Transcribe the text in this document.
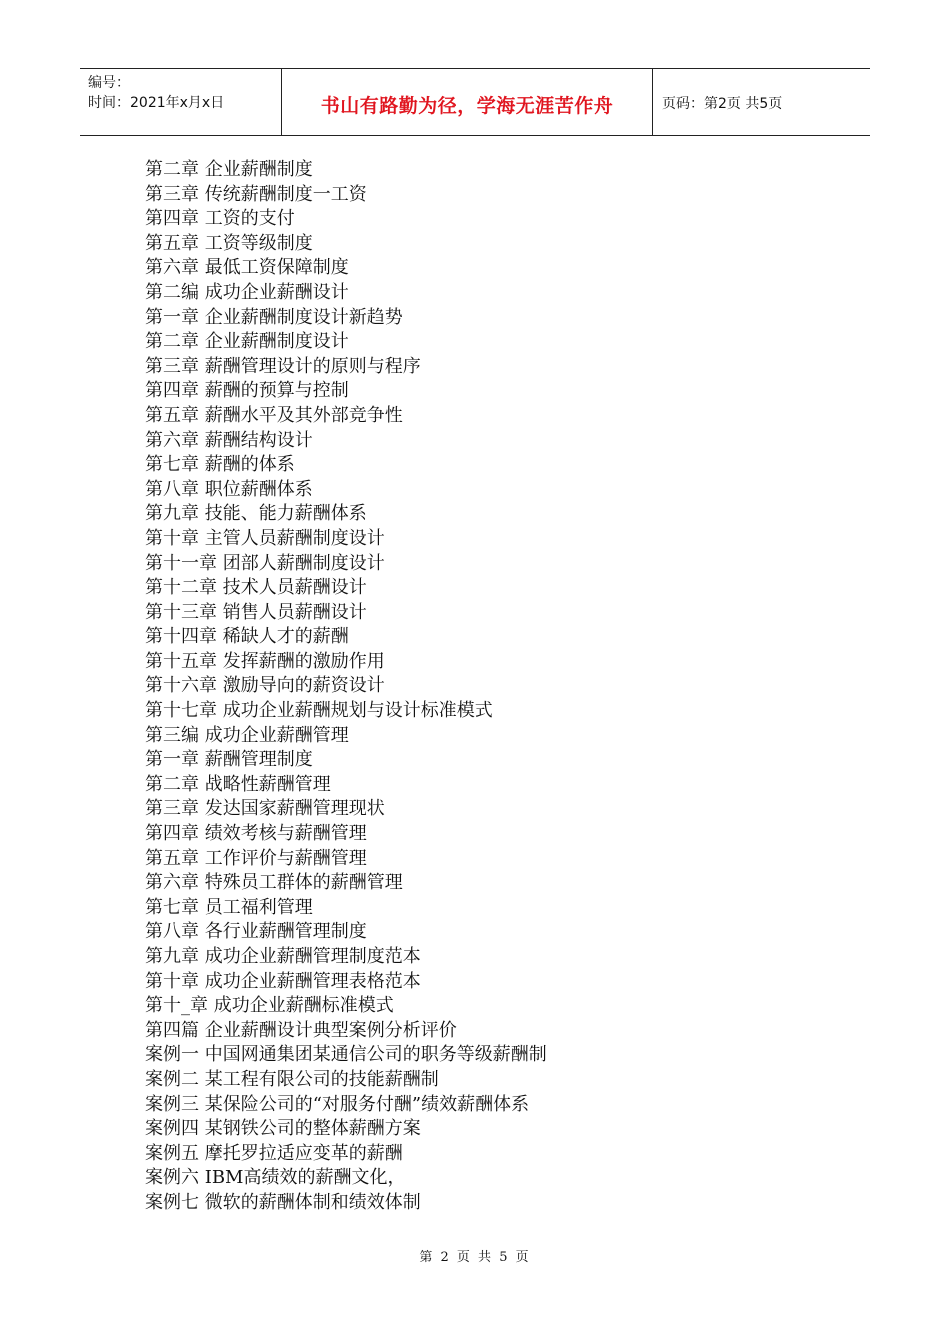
编号：
时间：2021年x月x日	书山有路勤为径，学海无涯苦作舟	页码：第2页 共5页
第二章 企业薪酬制度
第三章 传统薪酬制度一工资
第四章 工资的支付
第五章 工资等级制度
第六章 最低工资保障制度
第二编 成功企业薪酬设计
第一章 企业薪酬制度设计新趋势
第二章 企业薪酬制度设计
第三章 薪酬管理设计的原则与程序
第四章 薪酬的预算与控制
第五章 薪酬水平及其外部竞争性
第六章 薪酬结构设计
第七章 薪酬的体系
第八章 职位薪酬体系
第九章 技能、能力薪酬体系
第十章 主管人员薪酬制度设计
第十一章 团部人薪酬制度设计
第十二章 技术人员薪酬设计
第十三章 销售人员薪酬设计
第十四章 稀缺人才的薪酬
第十五章 发挥薪酬的激励作用
第十六章 激励导向的薪资设计
第十七章 成功企业薪酬规划与设计标准模式
第三编 成功企业薪酬管理
第一章 薪酬管理制度
第二章 战略性薪酬管理
第三章 发达国家薪酬管理现状
第四章 绩效考核与薪酬管理
第五章 工作评价与薪酬管理
第六章 特殊员工群体的薪酬管理
第七章 员工福利管理
第八章 各行业薪酬管理制度
第九章 成功企业薪酬管理制度范本
第十章 成功企业薪酬管理表格范本
第十_章 成功企业薪酬标准模式
第四篇 企业薪酬设计典型案例分析评价
案例一 中国网通集团某通信公司的职务等级薪酬制
案例二 某工程有限公司的技能薪酬制
案例三 某保险公司的“对服务付酬”绩效薪酬体系
案例四 某钢铁公司的整体薪酬方案
案例五 摩托罗拉适应变革的薪酬
案例六 IBM高绩效的薪酬文化，
案例七 微软的薪酬体制和绩效体制
第 2 页 共 5 页
